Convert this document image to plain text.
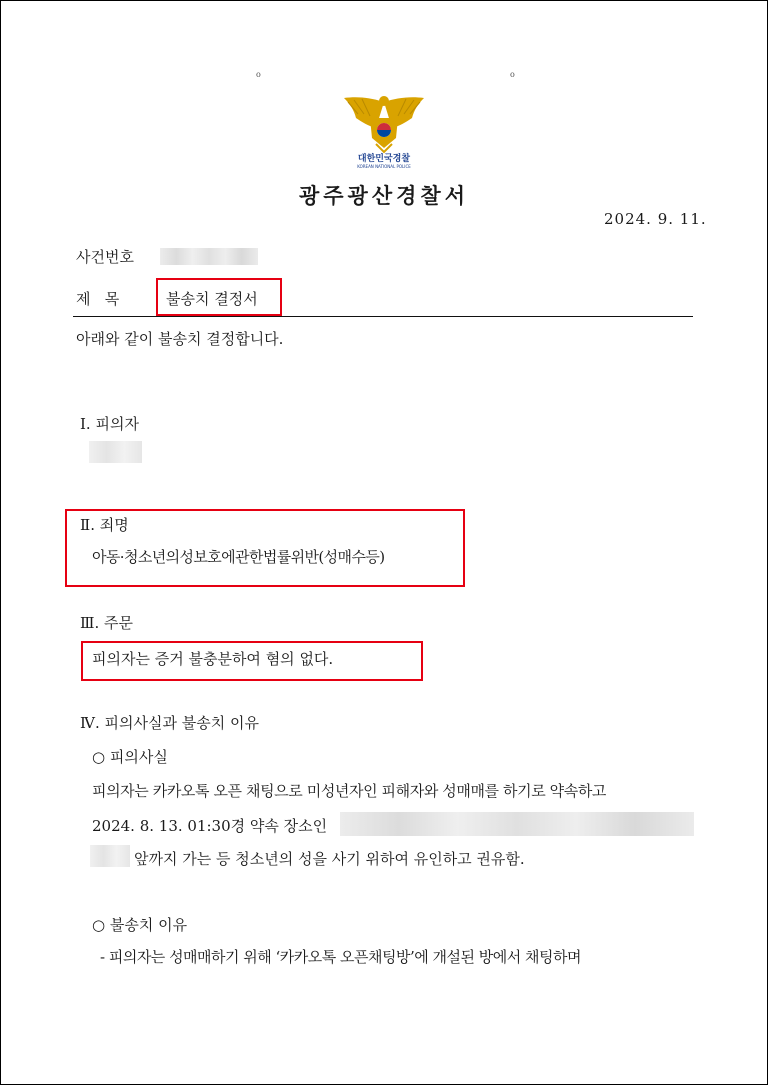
o	o
대한민국경찰
KOREAN NATIONAL POLICE
광주광산경찰서
2024. 9. 11.
사건번호
제   목	불송치 결정서
아래와 같이 불송치 결정합니다.
Ⅰ. 피의자
Ⅱ. 죄명
아동·청소년의성보호에관한법률위반(성매수등)
Ⅲ. 주문
피의자는 증거 불충분하여 혐의 없다.
Ⅳ. 피의사실과 불송치 이유
○ 피의사실
피의자는 카카오톡 오픈 채팅으로 미성년자인 피해자와 성매매를 하기로 약속하고
2024. 8. 13. 01:30경 약속 장소인
앞까지 가는 등 청소년의 성을 사기 위하여 유인하고 권유함.
○ 불송치 이유
- 피의자는 성매매하기 위해 ‘카카오톡 오픈채팅방’에 개설된 방에서 채팅하며
